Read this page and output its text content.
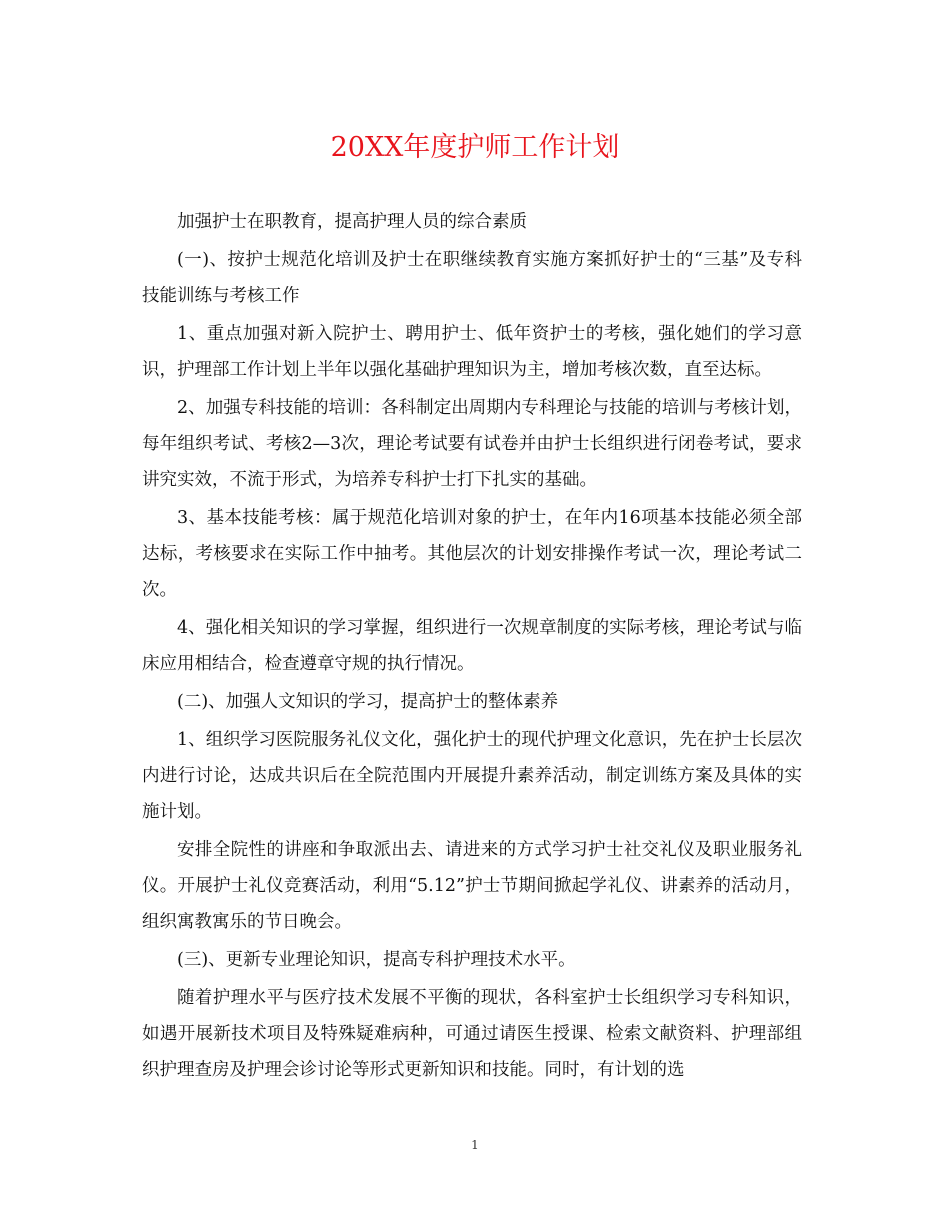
20XX年度护师工作计划

加强护士在职教育，提高护理人员的综合素质

(一)、按护士规范化培训及护士在职继续教育实施方案抓好护士的“三基”及专科技能训练与考核工作

1、重点加强对新入院护士、聘用护士、低年资护士的考核，强化她们的学习意识，护理部工作计划上半年以强化基础护理知识为主，增加考核次数，直至达标。

2、加强专科技能的培训：各科制定出周期内专科理论与技能的培训与考核计划，每年组织考试、考核2—3次，理论考试要有试卷并由护士长组织进行闭卷考试，要求讲究实效，不流于形式，为培养专科护士打下扎实的基础。

3、基本技能考核：属于规范化培训对象的护士，在年内16项基本技能必须全部达标，考核要求在实际工作中抽考。其他层次的计划安排操作考试一次，理论考试二次。

4、强化相关知识的学习掌握，组织进行一次规章制度的实际考核，理论考试与临床应用相结合，检查遵章守规的执行情况。

(二)、加强人文知识的学习，提高护士的整体素养

1、组织学习医院服务礼仪文化，强化护士的现代护理文化意识，先在护士长层次内进行讨论，达成共识后在全院范围内开展提升素养活动，制定训练方案及具体的实施计划。

安排全院性的讲座和争取派出去、请进来的方式学习护士社交礼仪及职业服务礼仪。开展护士礼仪竞赛活动，利用“5.12”护士节期间掀起学礼仪、讲素养的活动月，组织寓教寓乐的节日晚会。

(三)、更新专业理论知识，提高专科护理技术水平。

随着护理水平与医疗技术发展不平衡的现状，各科室护士长组织学习专科知识，如遇开展新技术项目及特殊疑难病种，可通过请医生授课、检索文献资料、护理部组织护理查房及护理会诊讨论等形式更新知识和技能。同时，有计划的选

1
